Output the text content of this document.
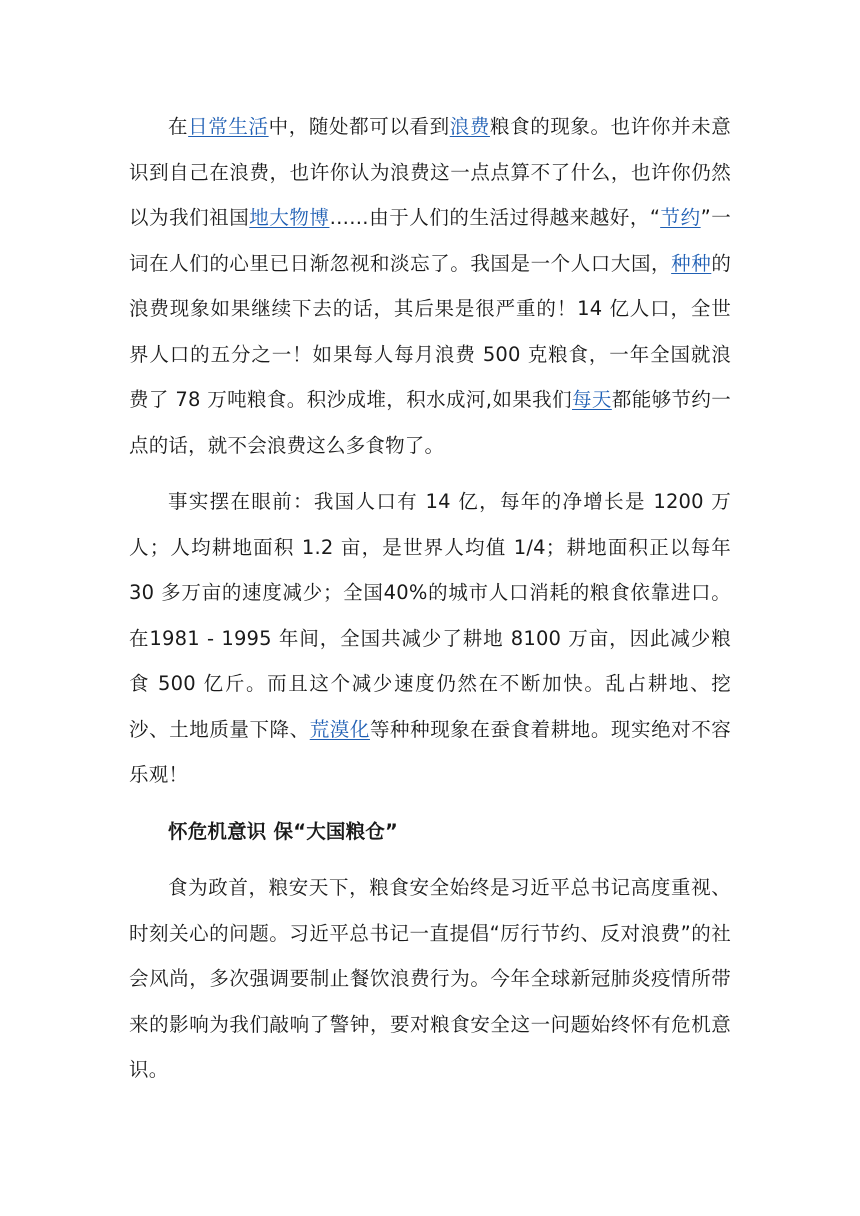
在日常生活中，随处都可以看到浪费粮食的现象。也许你并未意识到自己在浪费，也许你认为浪费这一点点算不了什么，也许你仍然以为我们祖国地大物博……由于人们的生活过得越来越好，“节约”一词在人们的心里已日渐忽视和淡忘了。我国是一个人口大国，种种的浪费现象如果继续下去的话，其后果是很严重的！14 亿人口，全世界人口的五分之一！如果每人每月浪费 500 克粮食，一年全国就浪费了 78 万吨粮食。积沙成堆，积水成河,如果我们每天都能够节约一点的话，就不会浪费这么多食物了。

事实摆在眼前：我国人口有 14 亿，每年的净增长是 1200 万人；人均耕地面积 1.2 亩，是世界人均值 1/4；耕地面积正以每年 30 多万亩的速度减少；全国40%的城市人口消耗的粮食依靠进口。在1981 - 1995 年间，全国共减少了耕地 8100 万亩，因此减少粮食 500 亿斤。而且这个减少速度仍然在不断加快。乱占耕地、挖沙、土地质量下降、荒漠化等种种现象在蚕食着耕地。现实绝对不容乐观！

怀危机意识 保“大国粮仓”

食为政首，粮安天下，粮食安全始终是习近平总书记高度重视、时刻关心的问题。习近平总书记一直提倡“厉行节约、反对浪费”的社会风尚，多次强调要制止餐饮浪费行为。今年全球新冠肺炎疫情所带来的影响为我们敲响了警钟，要对粮食安全这一问题始终怀有危机意识。
